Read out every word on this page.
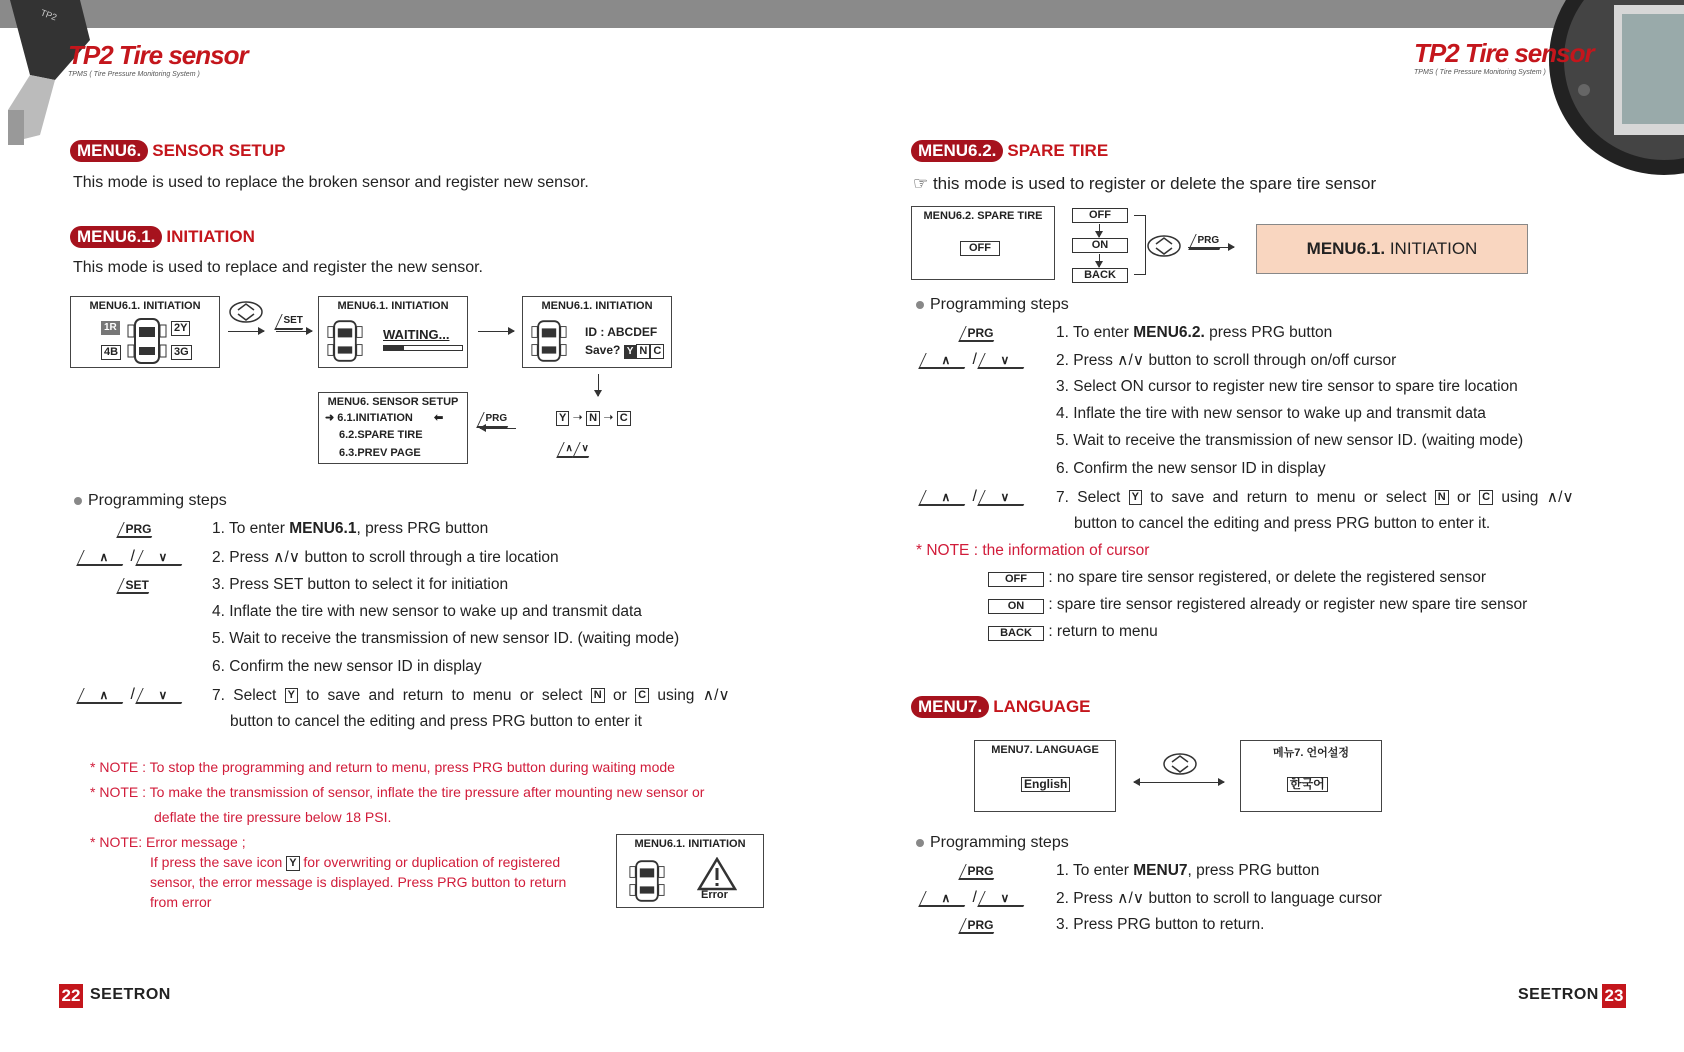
TP2
TP2 Tire sensor
TPMS ( Tire Pressure Monitoring System )
TP2 Tire sensor
TPMS ( Tire Pressure Monitoring System )
MENU6. SENSOR SETUP
This mode is used to replace the broken sensor and register new sensor.
MENU6.1. INITIATION
This mode is used to replace and register the new sensor.
MENU6.1. INITIATION
1R	2Y
4B	3G
SET
MENU6.1. INITIATION
WAITING...
MENU6.1. INITIATION
ID : ABCDEF
Save? Y N C
MENU6. SENSOR SETUP
➜ 6.1.INITIATION ⬅
6.2.SPARE TIRE
6.3.PREV PAGE
PRG	Y ➝ N ➝ C
∧ ∨
Programming steps
PRG	1. To enter MENU6.1, press PRG button
∧ / ∨	2. Press ∧/∨ button to scroll through a tire location
SET	3. Press SET button to select it for initiation
4. Inflate the tire with new sensor to wake up and transmit data
5. Wait to receive the transmission of new sensor ID. (waiting mode)
6. Confirm the new sensor ID in display
∧ / ∨	7. Select Y to save and return to menu or select N or C using ∧/∨
button to cancel the editing and press PRG button to enter it
* NOTE : To stop the programming and return to menu, press PRG button during waiting mode
* NOTE : To make the transmission of sensor, inflate the tire pressure after mounting new sensor or
deflate the tire pressure below 18 PSI.
* NOTE: Error message ;
If press the save icon Y for overwriting or duplication of registered
sensor, the error message is displayed. Press PRG button to return
from error
MENU6.1. INITIATION
Error
MENU6.2. SPARE TIRE
☞ this mode is used to register or delete the spare tire sensor
MENU6.2. SPARE TIRE
OFF
OFF
ON
BACK
PRG	MENU6.1.
INITIATION
Programming steps
PRG	1. To enter MENU6.2. press PRG button
∧ / ∨	2. Press ∧/∨ button to scroll through on/off cursor
3. Select ON cursor to register new tire sensor to spare tire location
4. Inflate the tire with new sensor to wake up and transmit data
5. Wait to receive the transmission of new sensor ID. (waiting mode)
6. Confirm the new sensor ID in display
∧ / ∨	7. Select Y to save and return to menu or select N or C using ∧/∨
button to cancel the editing and press PRG button to enter it.
* NOTE : the information of cursor
OFF : no spare tire sensor registered, or delete the registered sensor
ON : spare tire sensor registered already or register new spare tire sensor
BACK : return to menu
MENU7. LANGUAGE
MENU7. LANGUAGE
English
메뉴7. 언어설정
한국어
Programming steps
PRG	1. To enter MENU7, press PRG button
∧ / ∨	2. Press ∧/∨ button to scroll to language cursor
PRG	3. Press PRG button to return.
22 SEETRON	SEETRON 23
